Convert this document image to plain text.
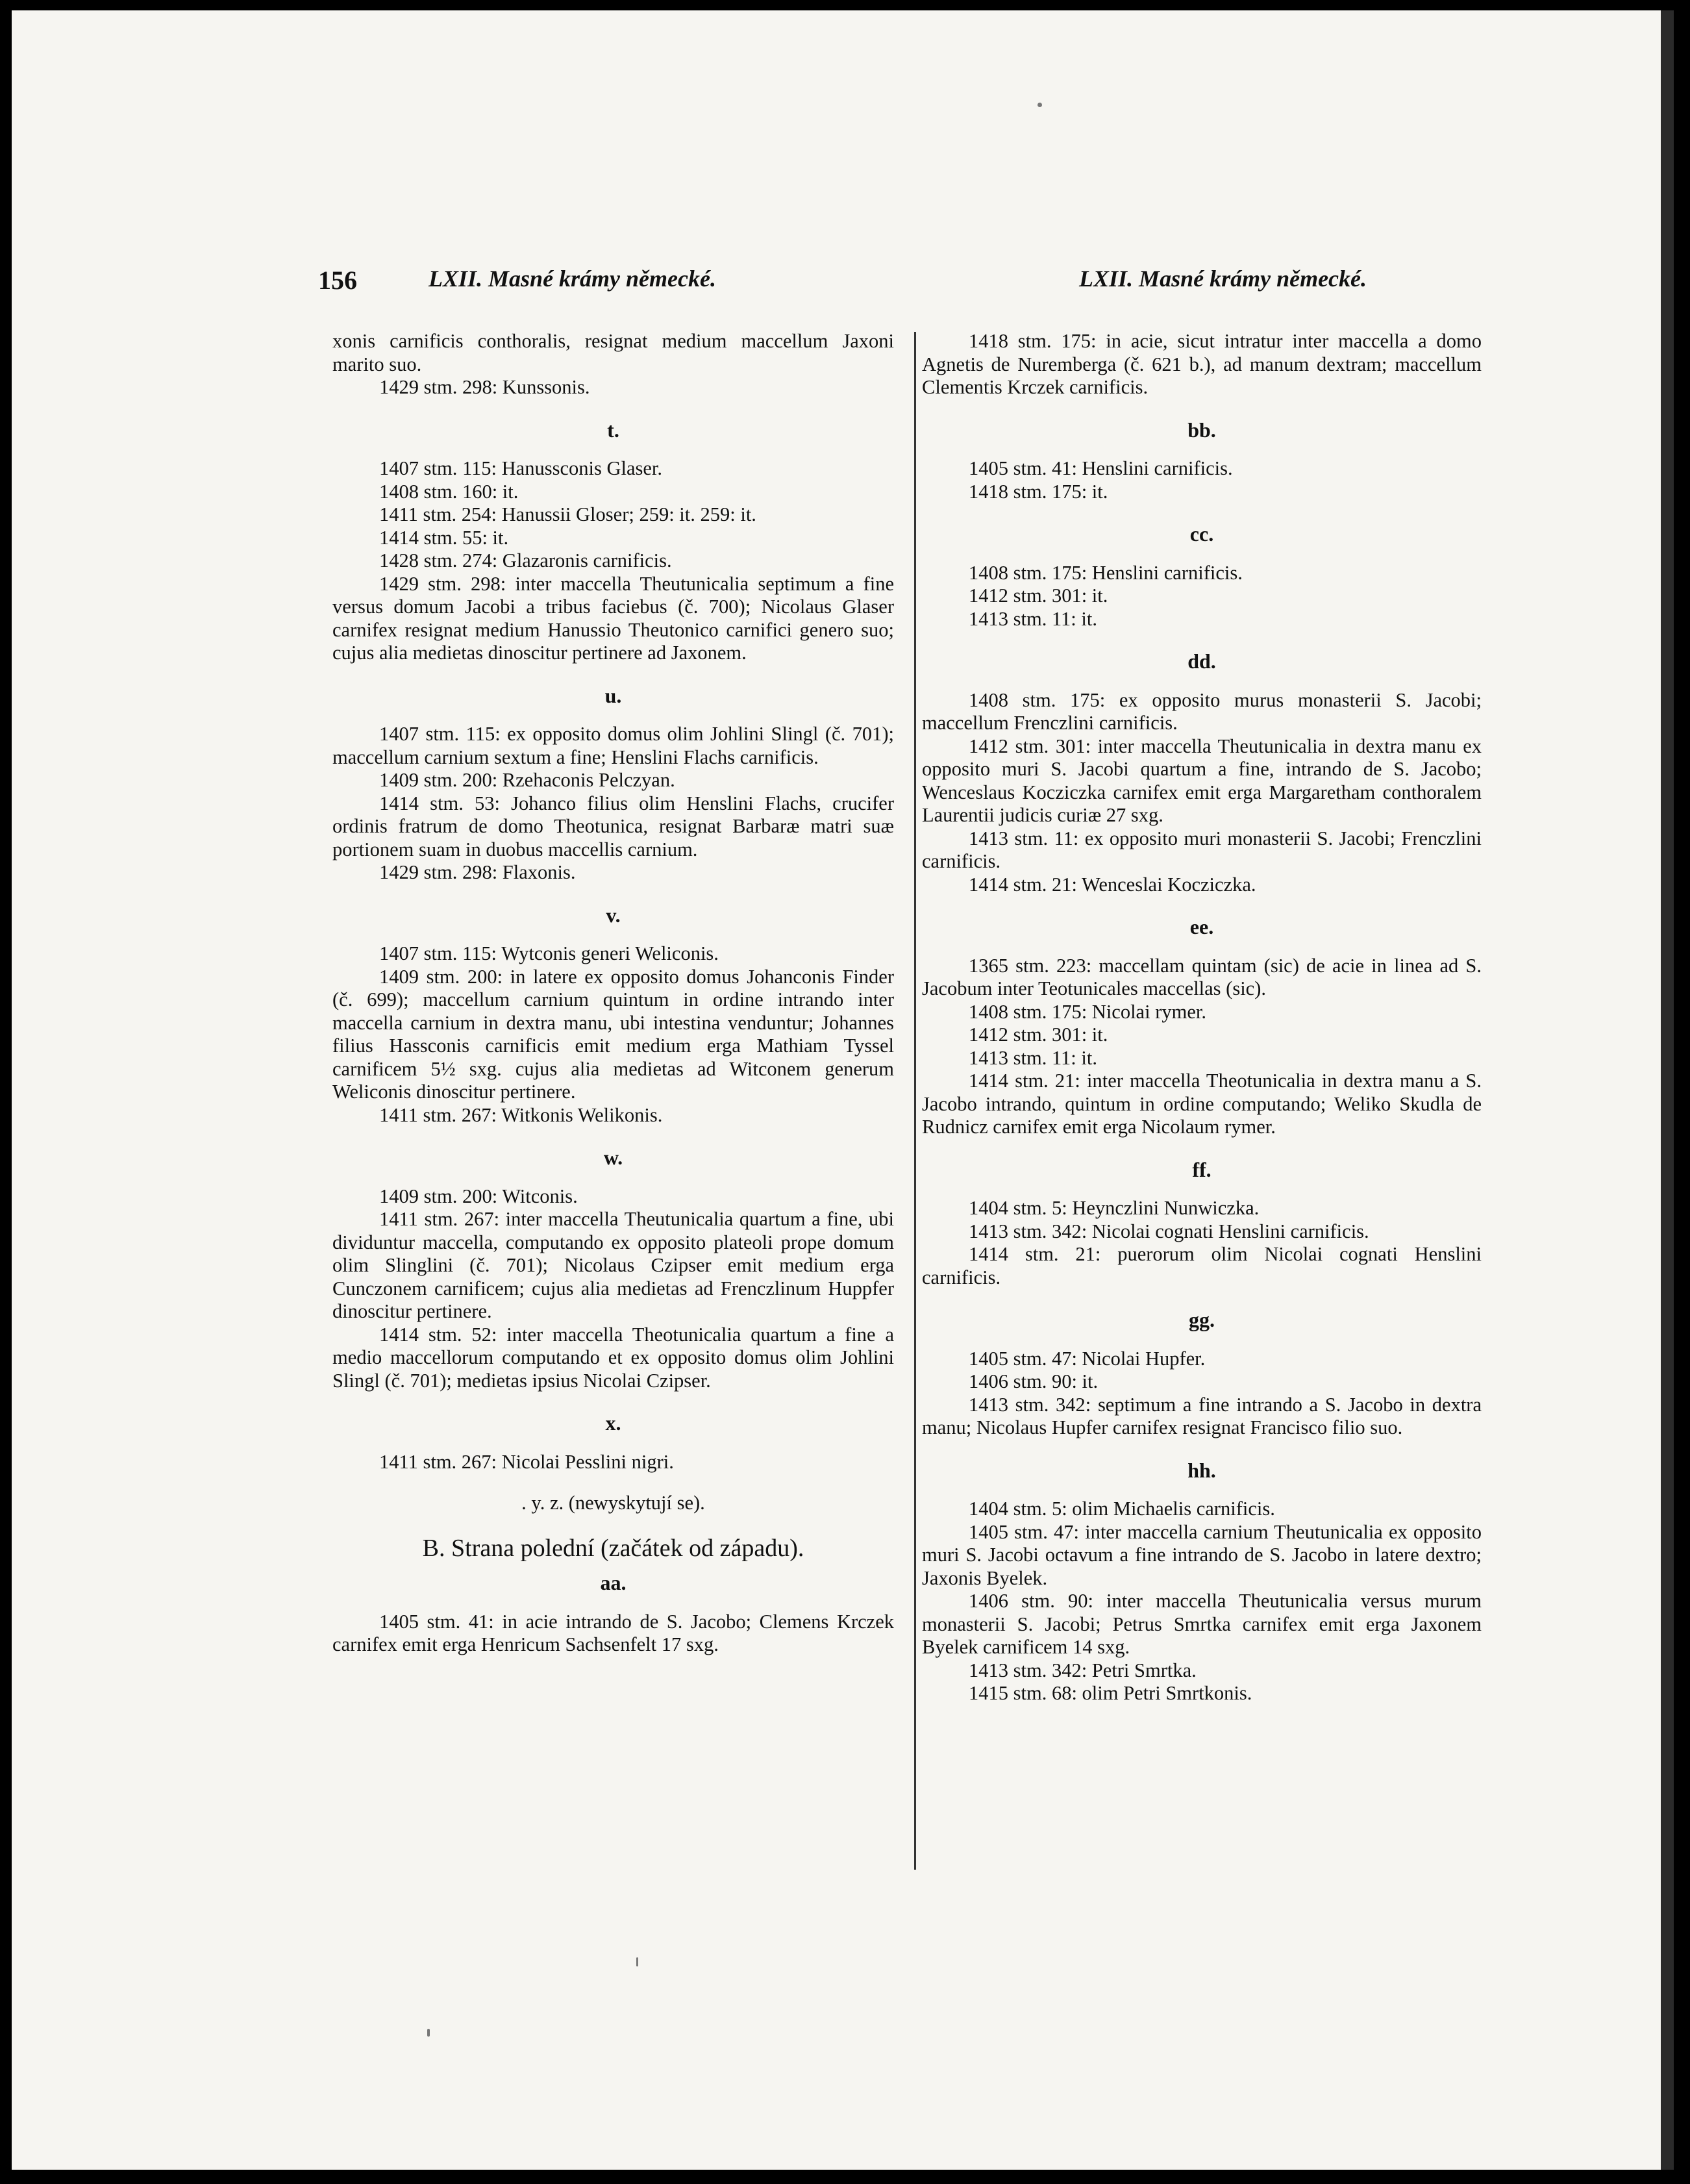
156	LXII. Masné krámy německé.	LXII. Masné krámy německé.

xonis carnificis conthoralis, resignat medium maccellum Jaxoni marito suo.

1429 stm. 298: Kunssonis.

t.

1407 stm. 115: Hanussconis Glaser.

1408 stm. 160: it.

1411 stm. 254: Hanussii Gloser; 259: it. 259: it.

1414 stm. 55: it.

1428 stm. 274: Glazaronis carnificis.

1429 stm. 298: inter maccella Theutunicalia septimum a fine versus domum Jacobi a tribus faciebus (č. 700); Nicolaus Glaser carnifex resignat medium Hanussio Theutonico carnifici genero suo; cujus alia medietas dinoscitur pertinere ad Jaxonem.

u.

1407 stm. 115: ex opposito domus olim Johlini Slingl (č. 701); maccellum carnium sextum a fine; Henslini Flachs carnificis.

1409 stm. 200: Rzehaconis Pelczyan.

1414 stm. 53: Johanco filius olim Henslini Flachs, crucifer ordinis fratrum de domo Theotunica, resignat Barbaræ matri suæ portionem suam in duobus maccellis carnium.

1429 stm. 298: Flaxonis.

v.

1407 stm. 115: Wytconis generi Weliconis.

1409 stm. 200: in latere ex opposito domus Johanconis Finder (č. 699); maccellum carnium quintum in ordine intrando inter maccella carnium in dextra manu, ubi intestina venduntur; Johannes filius Hassconis carnificis emit medium erga Mathiam Tyssel carnificem 5½ sxg. cujus alia medietas ad Witconem generum Weliconis dinoscitur pertinere.

1411 stm. 267: Witkonis Welikonis.

w.

1409 stm. 200: Witconis.

1411 stm. 267: inter maccella Theutunicalia quartum a fine, ubi dividuntur maccella, computando ex opposito plateoli prope domum olim Slinglini (č. 701); Nicolaus Czipser emit medium erga Cunczonem carnificem; cujus alia medietas ad Frenczlinum Huppfer dinoscitur pertinere.

1414 stm. 52: inter maccella Theotunicalia quartum a fine a medio maccellorum computando et ex opposito domus olim Johlini Slingl (č. 701); medietas ipsius Nicolai Czipser.

x.

1411 stm. 267: Nicolai Pesslini nigri.

. y. z. (newyskytují se).

B. Strana polední (začátek od západu).

aa.

1405 stm. 41: in acie intrando de S. Jacobo; Clemens Krczek carnifex emit erga Henricum Sachsenfelt 17 sxg.

1418 stm. 175: in acie, sicut intratur inter maccella a domo Agnetis de Nuremberga (č. 621 b.), ad manum dextram; maccellum Clementis Krczek carnificis.

bb.

1405 stm. 41: Henslini carnificis.

1418 stm. 175: it.

cc.

1408 stm. 175: Henslini carnificis.

1412 stm. 301: it.

1413 stm. 11: it.

dd.

1408 stm. 175: ex opposito murus monasterii S. Jacobi; maccellum Frenczlini carnificis.

1412 stm. 301: inter maccella Theutunicalia in dextra manu ex opposito muri S. Jacobi quartum a fine, intrando de S. Jacobo; Wenceslaus Kocziczka carnifex emit erga Margaretham conthoralem Laurentii judicis curiæ 27 sxg.

1413 stm. 11: ex opposito muri monasterii S. Jacobi; Frenczlini carnificis.

1414 stm. 21: Wenceslai Kocziczka.

ee.

1365 stm. 223: maccellam quintam (sic) de acie in linea ad S. Jacobum inter Teotunicales maccellas (sic).

1408 stm. 175: Nicolai rymer.

1412 stm. 301: it.

1413 stm. 11: it.

1414 stm. 21: inter maccella Theotunicalia in dextra manu a S. Jacobo intrando, quintum in ordine computando; Weliko Skudla de Rudnicz carnifex emit erga Nicolaum rymer.

ff.

1404 stm. 5: Heynczlini Nunwiczka.

1413 stm. 342: Nicolai cognati Henslini carnificis.

1414 stm. 21: puerorum olim Nicolai cognati Henslini carnificis.

gg.

1405 stm. 47: Nicolai Hupfer.

1406 stm. 90: it.

1413 stm. 342: septimum a fine intrando a S. Jacobo in dextra manu; Nicolaus Hupfer carnifex resignat Francisco filio suo.

hh.

1404 stm. 5: olim Michaelis carnificis.

1405 stm. 47: inter maccella carnium Theutunicalia ex opposito muri S. Jacobi octavum a fine intrando de S. Jacobo in latere dextro; Jaxonis Byelek.

1406 stm. 90: inter maccella Theutunicalia versus murum monasterii S. Jacobi; Petrus Smrtka carnifex emit erga Jaxonem Byelek carnificem 14 sxg.

1413 stm. 342: Petri Smrtka.

1415 stm. 68: olim Petri Smrtkonis.
